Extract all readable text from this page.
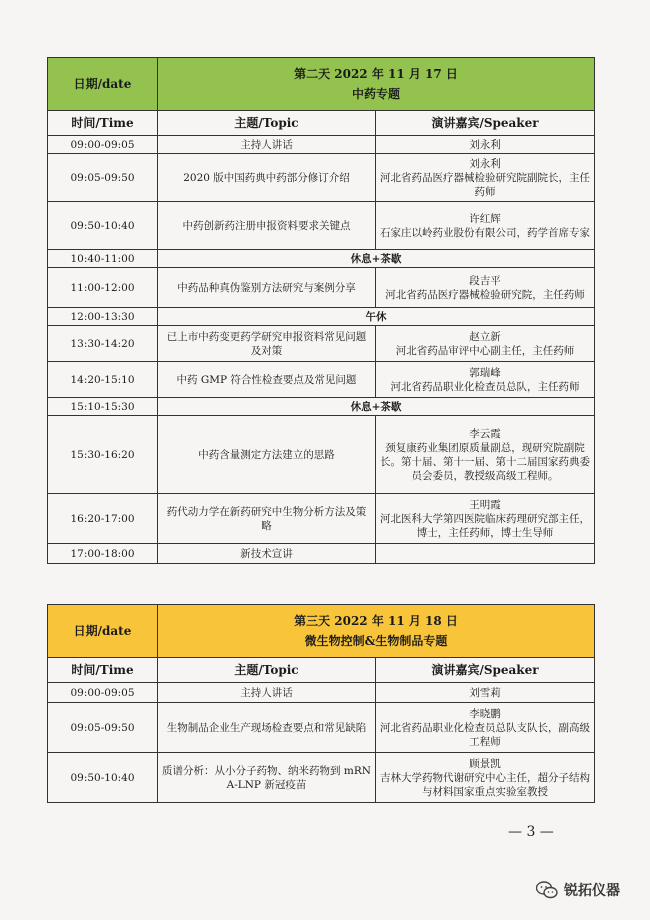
日期/date	第二天 2022 年 11 月 17 日
中药专题	

时间/Time	主题/Topic	演讲嘉宾/Speaker
09:00-09:05	主持人讲话	刘永利
09:05-09:50	2020 版中国药典中药部分修订介绍	刘永利
河北省药品医疗器械检验研究院副院长，主任药师
09:50-10:40	中药创新药注册申报资料要求关键点	许红辉
石家庄以岭药业股份有限公司，药学首席专家
10:40-11:00	休息+茶歇	
11:00-12:00	中药品种真伪鉴别方法研究与案例分享	段吉平
河北省药品医疗器械检验研究院，主任药师
12:00-13:30	午休	
13:30-14:20	已上市中药变更药学研究申报资料常见问题及对策	赵立新
河北省药品审评中心副主任，主任药师
14:20-15:10	中药 GMP 符合性检查要点及常见问题	郭瑞峰
河北省药品职业化检查员总队，主任药师
15:10-15:30	休息+茶歇	
15:30-16:20	中药含量测定方法建立的思路	李云霞
颈复康药业集团原质量副总，现研究院副院长。第十届、第十一届、第十二届国家药典委员会委员，教授级高级工程师。
16:20-17:00	药代动力学在新药研究中生物分析方法及策略	王明霞
河北医科大学第四医院临床药理研究部主任，博士，主任药师，博士生导师
17:00-18:00	新技术宣讲	
日期/date	第三天 2022 年 11 月 18 日
微生物控制&生物制品专题	

时间/Time	主题/Topic	演讲嘉宾/Speaker
09:00-09:05	主持人讲话	刘雪莉
09:05-09:50	生物制品企业生产现场检查要点和常见缺陷	李晓鹏
河北省药品职业化检查员总队支队长，副高级工程师
09:50-10:40	质谱分析：从小分子药物、纳米药物到 mRNA-LNP 新冠疫苗	顾景凯
吉林大学药物代谢研究中心主任，超分子结构与材料国家重点实验室教授
— 3 —
锐拓仪器
